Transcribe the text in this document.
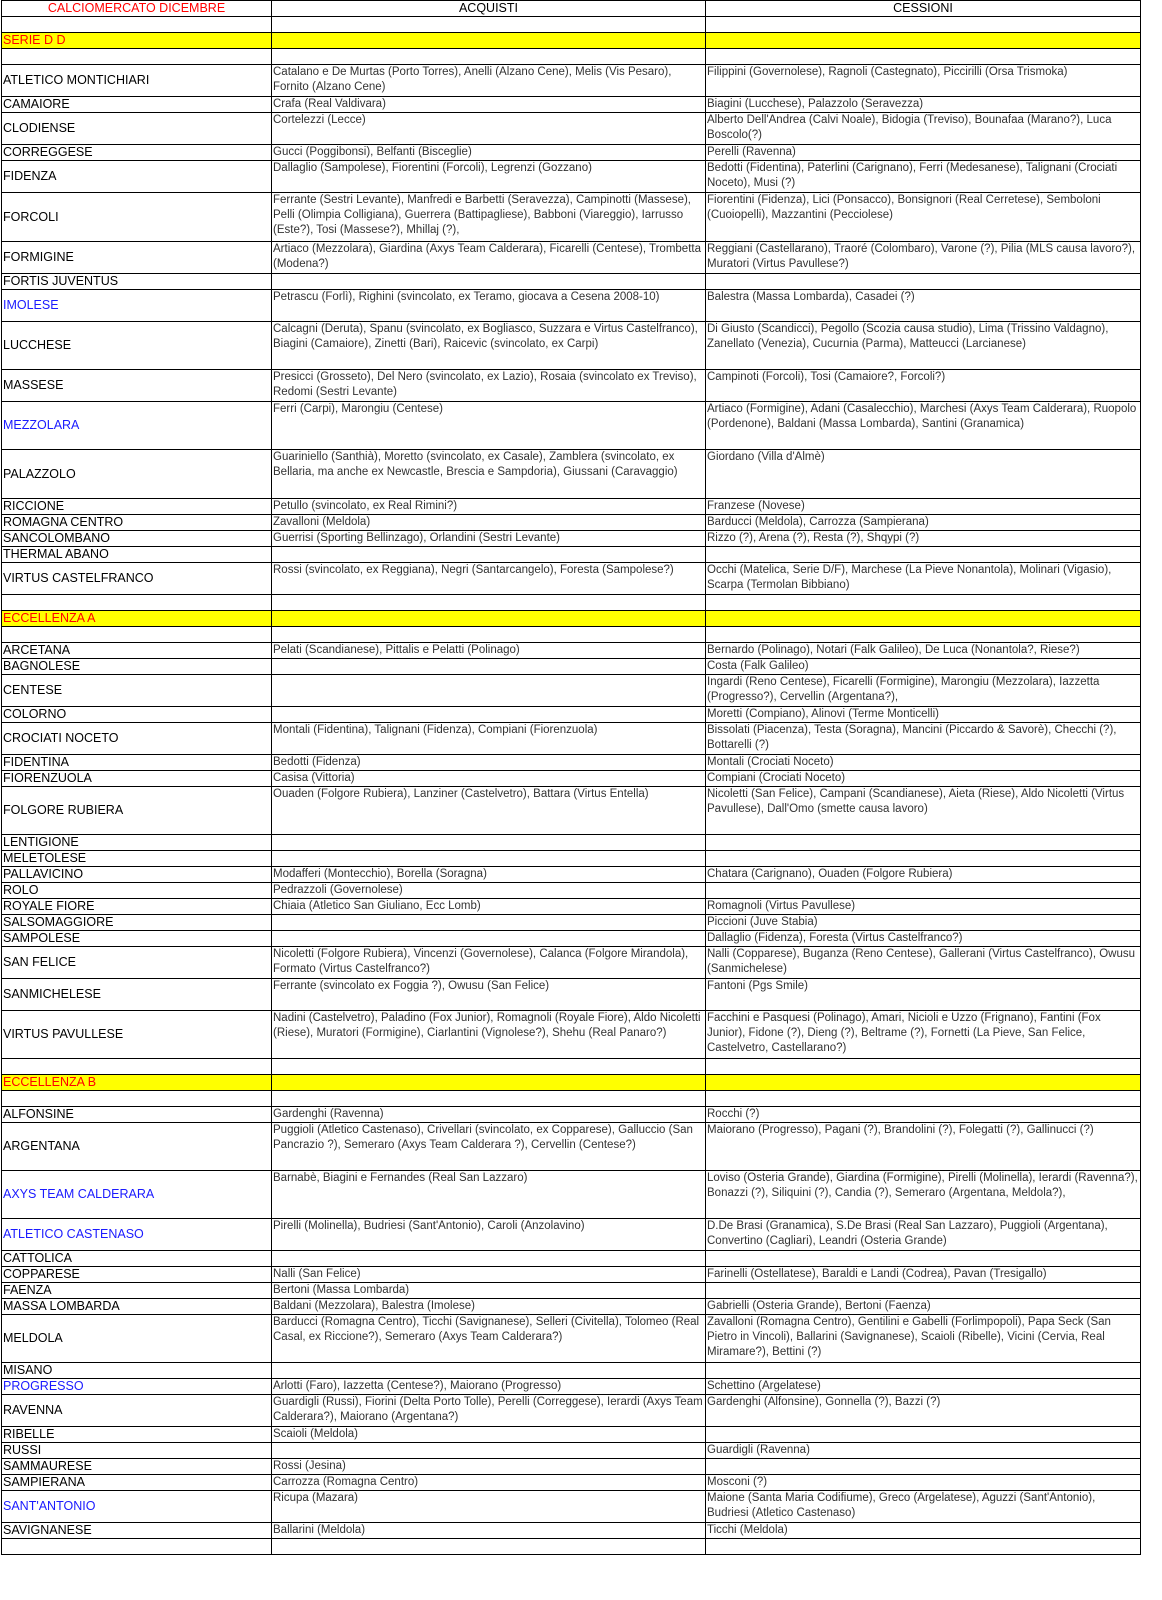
CALCIOMERCATO DICEMBRE	ACQUISTI	CESSIONI

SERIE D D		

ATLETICO MONTICHIARI	Catalano e De Murtas (Porto Torres), Anelli (Alzano Cene), Melis (Vis Pesaro), Fornito (Alzano Cene)	Filippini (Governolese), Ragnoli (Castegnato), Piccirilli (Orsa Trismoka)
CAMAIORE	Crafa (Real Valdivara)	Biagini (Lucchese), Palazzolo (Seravezza)
CLODIENSE	Cortelezzi (Lecce)	Alberto Dell'Andrea (Calvi Noale), Bidogia (Treviso), Bounafaa (Marano?), Luca Boscolo(?)
CORREGGESE	Gucci (Poggibonsi), Belfanti (Bisceglie)	Perelli (Ravenna)
FIDENZA	Dallaglio (Sampolese), Fiorentini (Forcoli), Legrenzi (Gozzano)	Bedotti (Fidentina), Paterlini (Carignano), Ferri (Medesanese), Talignani (Crociati Noceto), Musi (?)
FORCOLI	Ferrante (Sestri Levante), Manfredi e Barbetti (Seravezza), Campinotti (Massese), Pelli (Olimpia Colligiana), Guerrera (Battipagliese), Babboni (Viareggio), Iarrusso (Este?), Tosi (Massese?), Mhillaj (?),	Fiorentini (Fidenza), Lici (Ponsacco), Bonsignori (Real Cerretese), Semboloni (Cuoiopelli), Mazzantini (Pecciolese)
FORMIGINE	Artiaco (Mezzolara), Giardina (Axys Team Calderara), Ficarelli (Centese), Trombetta (Modena?)	Reggiani (Castellarano), Traoré (Colombaro), Varone (?), Pilia (MLS causa lavoro?), Muratori (Virtus Pavullese?)
FORTIS JUVENTUS		
IMOLESE	Petrascu (Forlì), Righini (svincolato, ex Teramo, giocava a Cesena 2008-10)	Balestra (Massa Lombarda), Casadei (?)
LUCCHESE	Calcagni (Deruta), Spanu (svincolato, ex Bogliasco, Suzzara e Virtus Castelfranco), Biagini (Camaiore), Zinetti (Bari), Raicevic (svincolato, ex Carpi)	Di Giusto (Scandicci), Pegollo (Scozia causa studio), Lima (Trissino Valdagno), Zanellato (Venezia), Cucurnia (Parma), Matteucci (Larcianese)
MASSESE	Presicci (Grosseto), Del Nero (svincolato, ex Lazio), Rosaia (svincolato ex Treviso), Redomi (Sestri Levante)	Campinoti (Forcoli), Tosi (Camaiore?, Forcoli?)
MEZZOLARA	Ferri (Carpi), Marongiu (Centese)	Artiaco (Formigine), Adani (Casalecchio), Marchesi (Axys Team Calderara), Ruopolo (Pordenone), Baldani (Massa Lombarda), Santini (Granamica)
PALAZZOLO	Guariniello (Santhià), Moretto (svincolato, ex Casale), Zamblera (svincolato, ex Bellaria, ma anche ex Newcastle, Brescia e Sampdoria), Giussani (Caravaggio)	Giordano (Villa d'Almè)
RICCIONE	Petullo (svincolato, ex Real Rimini?)	Franzese (Novese)
ROMAGNA CENTRO	Zavalloni (Meldola)	Barducci (Meldola), Carrozza (Sampierana)
SANCOLOMBANO	Guerrisi (Sporting Bellinzago), Orlandini (Sestri Levante)	Rizzo (?), Arena (?), Resta (?), Shqypi (?)
THERMAL ABANO		
VIRTUS CASTELFRANCO	Rossi (svincolato, ex Reggiana), Negri (Santarcangelo), Foresta (Sampolese?)	Occhi (Matelica, Serie D/F), Marchese (La Pieve Nonantola), Molinari (Vigasio), Scarpa (Termolan Bibbiano)

ECCELLENZA A		

ARCETANA	Pelati (Scandianese), Pittalis e Pelatti (Polinago)	Bernardo (Polinago), Notari (Falk Galileo), De Luca (Nonantola?, Riese?)
BAGNOLESE		Costa (Falk Galileo)
CENTESE		Ingardi (Reno Centese), Ficarelli (Formigine), Marongiu (Mezzolara), Iazzetta (Progresso?), Cervellin (Argentana?),
COLORNO		Moretti (Compiano), Alinovi (Terme Monticelli)
CROCIATI NOCETO	Montali (Fidentina), Talignani (Fidenza), Compiani (Fiorenzuola)	Bissolati (Piacenza), Testa (Soragna), Mancini (Piccardo & Savorè), Checchi (?), Bottarelli (?)
FIDENTINA	Bedotti (Fidenza)	Montali (Crociati Noceto)
FIORENZUOLA	Casisa (Vittoria)	Compiani (Crociati Noceto)
FOLGORE RUBIERA	Ouaden (Folgore Rubiera), Lanziner (Castelvetro), Battara (Virtus Entella)	Nicoletti (San Felice), Campani (Scandianese), Aieta (Riese), Aldo Nicoletti (Virtus Pavullese), Dall'Omo (smette causa lavoro)
LENTIGIONE		
MELETOLESE		
PALLAVICINO	Modafferi (Montecchio), Borella (Soragna)	Chatara (Carignano), Ouaden (Folgore Rubiera)
ROLO	Pedrazzoli (Governolese)	
ROYALE FIORE	Chiaia (Atletico San Giuliano, Ecc Lomb)	Romagnoli (Virtus Pavullese)
SALSOMAGGIORE		Piccioni (Juve Stabia)
SAMPOLESE		Dallaglio (Fidenza), Foresta (Virtus Castelfranco?)
SAN FELICE	Nicoletti (Folgore Rubiera), Vincenzi (Governolese), Calanca (Folgore Mirandola), Formato (Virtus Castelfranco?)	Nalli (Copparese), Buganza (Reno Centese), Gallerani (Virtus Castelfranco), Owusu (Sanmichelese)
SANMICHELESE	Ferrante (svincolato ex Foggia ?), Owusu (San Felice)	Fantoni (Pgs Smile)
VIRTUS PAVULLESE	Nadini (Castelvetro), Paladino (Fox Junior), Romagnoli (Royale Fiore), Aldo Nicoletti (Riese), Muratori (Formigine), Ciarlantini (Vignolese?), Shehu (Real Panaro?)	Facchini e Pasquesi (Polinago), Amari, Nicioli e Uzzo (Frignano), Fantini (Fox Junior), Fidone (?), Dieng (?), Beltrame (?), Fornetti (La Pieve, San Felice, Castelvetro, Castellarano?)

ECCELLENZA B		

ALFONSINE	Gardenghi (Ravenna)	Rocchi (?)
ARGENTANA	Puggioli (Atletico Castenaso), Crivellari (svincolato, ex Copparese), Galluccio (San Pancrazio ?), Semeraro (Axys Team Calderara ?), Cervellin (Centese?)	Maiorano (Progresso), Pagani (?), Brandolini (?), Folegatti (?), Gallinucci (?)
AXYS TEAM CALDERARA	Barnabè, Biagini e Fernandes (Real San Lazzaro)	Loviso (Osteria Grande), Giardina (Formigine), Pirelli (Molinella), Ierardi (Ravenna?), Bonazzi (?), Siliquini (?), Candia (?), Semeraro (Argentana, Meldola?),
ATLETICO CASTENASO	Pirelli (Molinella), Budriesi (Sant'Antonio), Caroli (Anzolavino)	D.De Brasi (Granamica), S.De Brasi (Real San Lazzaro), Puggioli (Argentana), Convertino (Cagliari), Leandri (Osteria Grande)
CATTOLICA		
COPPARESE	Nalli (San Felice)	Farinelli (Ostellatese), Baraldi e Landi (Codrea), Pavan (Tresigallo)
FAENZA	Bertoni (Massa Lombarda)	
MASSA LOMBARDA	Baldani (Mezzolara), Balestra (Imolese)	Gabrielli (Osteria Grande), Bertoni (Faenza)
MELDOLA	Barducci (Romagna Centro), Ticchi (Savignanese), Selleri (Civitella), Tolomeo (Real Casal, ex Riccione?), Semeraro (Axys Team Calderara?)	Zavalloni (Romagna Centro), Gentilini e Gabelli (Forlimpopoli), Papa Seck (San Pietro in Vincoli), Ballarini (Savignanese), Scaioli (Ribelle), Vicini (Cervia, Real Miramare?), Bettini (?)
MISANO		
PROGRESSO	Arlotti (Faro), Iazzetta (Centese?), Maiorano (Progresso)	Schettino (Argelatese)
RAVENNA	Guardigli (Russi), Fiorini (Delta Porto Tolle), Perelli (Correggese), Ierardi (Axys Team Calderara?), Maiorano (Argentana?)	Gardenghi (Alfonsine), Gonnella (?), Bazzi (?)
RIBELLE	Scaioli (Meldola)	
RUSSI		Guardigli (Ravenna)
SAMMAURESE	Rossi (Jesina)	
SAMPIERANA	Carrozza (Romagna Centro)	Mosconi (?)
SANT'ANTONIO	Ricupa (Mazara)	Maione (Santa Maria Codifiume), Greco (Argelatese), Aguzzi (Sant'Antonio), Budriesi (Atletico Castenaso)
SAVIGNANESE	Ballarini (Meldola)	Ticchi (Meldola)
